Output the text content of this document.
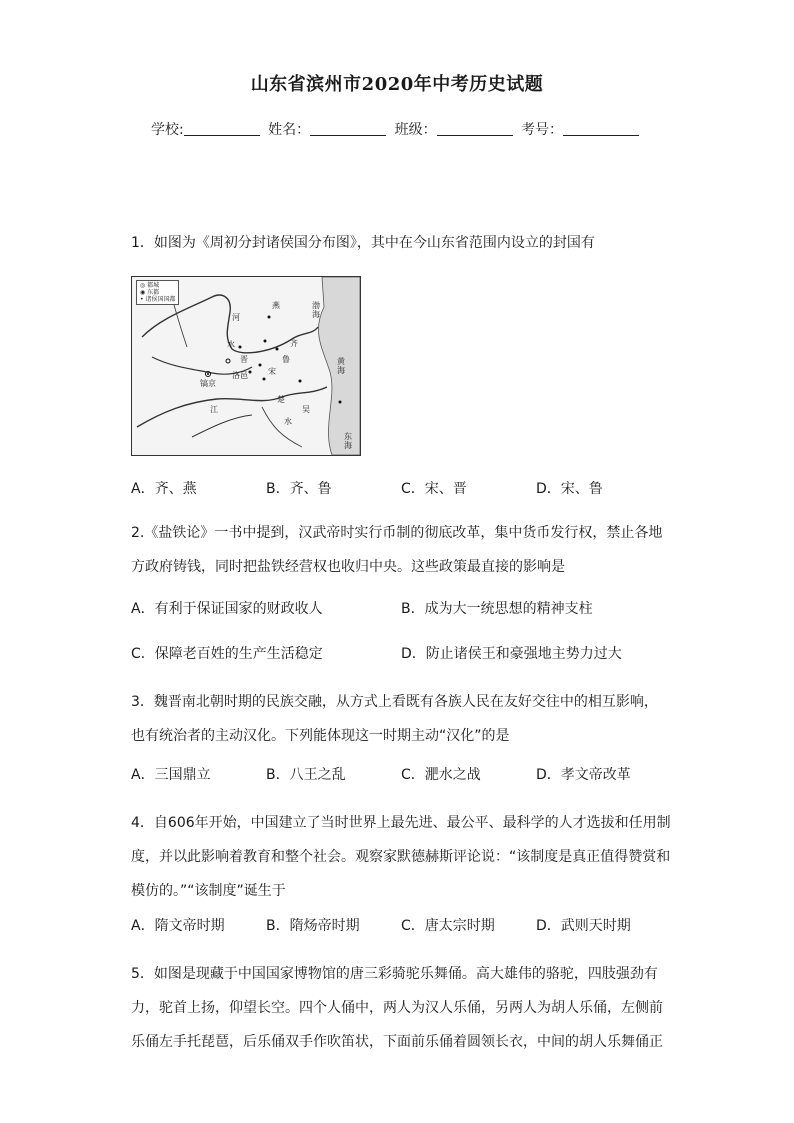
山东省滨州市2020年中考历史试题
学校:	姓名：	班级：	考号：
1．如图为《周初分封诸侯国分布图》，其中在今山东省范围内设立的封国有
◎ 都城
◉ 东都
• 诸侯国国都
燕	渤海
河
水
晋
齐
鲁
宋
镐京
洛邑
黄海
江
楚
水
吴
东海
A．齐、燕	B．齐、鲁	C．宋、晋	D．宋、鲁
2.《盐铁论》一书中提到，汉武帝时实行币制的彻底改革，集中货币发行权，禁止各地方政府铸钱，同时把盐铁经营权也收归中央。这些政策最直接的影响是
A．有利于保证国家的财政收人	B．成为大一统思想的精神支柱
C．保障老百姓的生产生活稳定	D．防止诸侯王和豪强地主势力过大
3．魏晋南北朝时期的民族交融，从方式上看既有各族人民在友好交往中的相互影响，也有统治者的主动汉化。下列能体现这一时期主动“汉化”的是
A．三国鼎立	B．八王之乱	C．淝水之战	D．孝文帝改革
4．自606年开始，中国建立了当时世界上最先进、最公平、最科学的人才选拔和任用制度，并以此影响着教育和整个社会。观察家默德赫斯评论说：“该制度是真正值得赞赏和模仿的。”“该制度”诞生于
A．隋文帝时期	B．隋炀帝时期	C．唐太宗时期	D．武则天时期
5．如图是现藏于中国国家博物馆的唐三彩骑驼乐舞俑。高大雄伟的骆驼，四肢强劲有力，驼首上扬，仰望长空。四个人俑中，两人为汉人乐俑，另两人为胡人乐俑，左侧前乐俑左手托琵琶，后乐俑双手作吹笛状，下面前乐俑着圆领长衣，中间的胡人乐舞俑正
